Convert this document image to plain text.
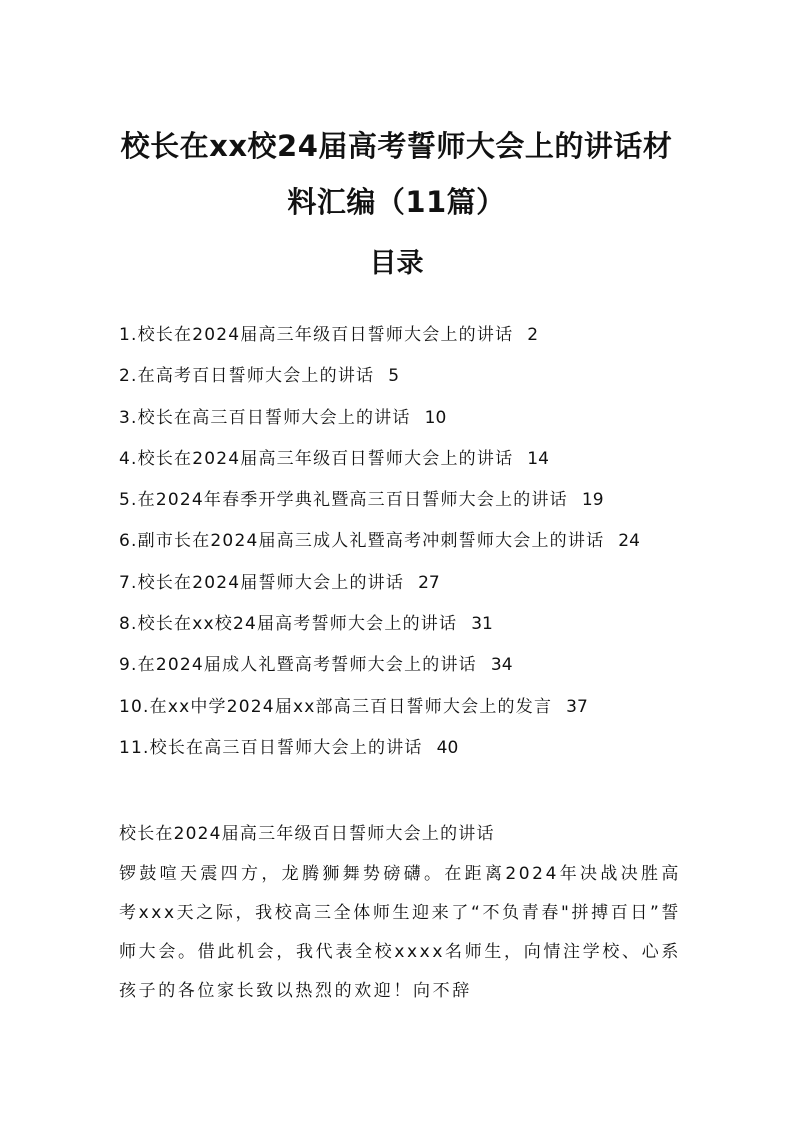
校长在xx校24届高考誓师大会上的讲话材料汇编（11篇）
目录
1.校长在2024届高三年级百日誓师大会上的讲话 2
2.在高考百日誓师大会上的讲话 5
3.校长在高三百日誓师大会上的讲话 10
4.校长在2024届高三年级百日誓师大会上的讲话 14
5.在2024年春季开学典礼暨高三百日誓师大会上的讲话 19
6.副市长在2024届高三成人礼暨高考冲刺誓师大会上的讲话 24
7.校长在2024届誓师大会上的讲话 27
8.校长在xx校24届高考誓师大会上的讲话 31
9.在2024届成人礼暨高考誓师大会上的讲话 34
10.在xx中学2024届xx部高三百日誓师大会上的发言 37
11.校长在高三百日誓师大会上的讲话 40
校长在2024届高三年级百日誓师大会上的讲话

锣鼓喧天震四方，龙腾狮舞势磅礴。在距离2024年决战决胜高考xxx天之际，我校高三全体师生迎来了“不负青春"拼搏百日”誓师大会。借此机会，我代表全校xxxx名师生，向情注学校、心系孩子的各位家长致以热烈的欢迎！向不辞
